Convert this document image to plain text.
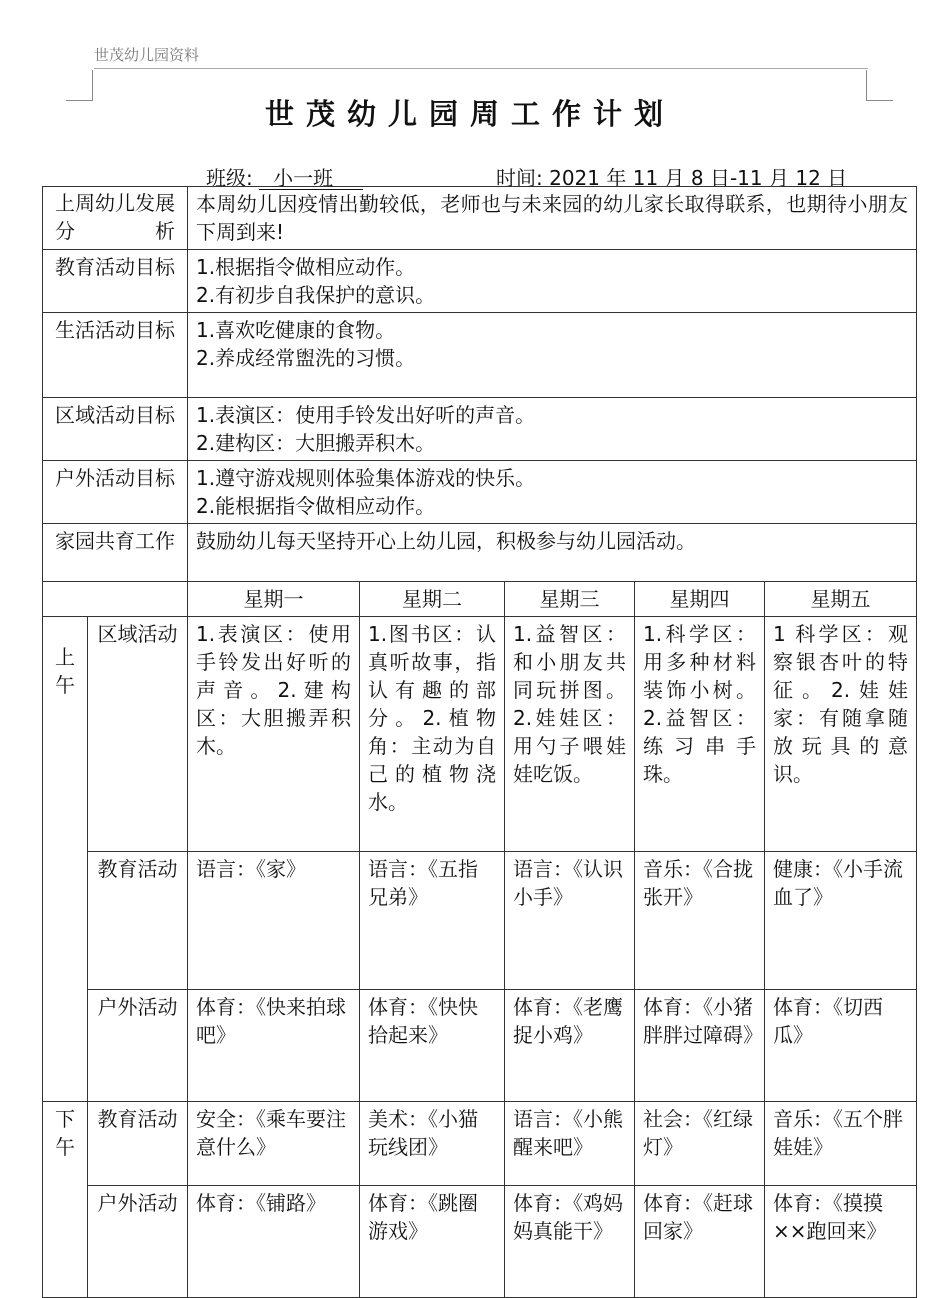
世茂幼儿园资料
世茂幼儿园周工作计划
班级: 小一班	时间: 2021 年 11 月 8 日-11 月 12 日
上周幼儿发展分析		本周幼儿因疫情出勤较低，老师也与未来园的幼儿家长取得联系，也期待小朋友下周到来!				
教育活动目标		1.根据指令做相应动作。
2.有初步自我保护的意识。				

生活活动目标		1.喜欢吃健康的食物。
2.养成经常盥洗的习惯。				

区域活动目标		1.表演区：使用手铃发出好听的声音。
2.建构区：大胆搬弄积木。				

户外活动目标		1.遵守游戏规则体验集体游戏的快乐。
2.能根据指令做相应动作。				

家园共育工作		鼓励幼儿每天坚持开心上幼儿园，积极参与幼儿园活动。				

		星期一	星期二	星期三	星期四	星期五

上午	区域活动	1.表演区：使用手铃发出好听的声音。2.建构区：大胆搬弄积木。	1.图书区：认真听故事，指认有趣的部分。2.植物角：主动为自己的植物浇水。	1.益智区：和小朋友共同玩拼图。2.娃娃区：用勺子喂娃娃吃饭。	1.科学区：用多种材料装饰小树。2.益智区：练习串手珠。	1 科学区：观察银杏叶的特征。2.娃娃家：有随拿随放玩具的意识。
	教育活动	语言：《家》	语言：《五指兄弟》	语言：《认识小手》	音乐：《合拢张开》	健康：《小手流血了》
	户外活动	体育：《快来拍球吧》	体育：《快快拾起来》	体育：《老鹰捉小鸡》	体育：《小猪胖胖过障碍》	体育：《切西瓜》

下午	教育活动	安全：《乘车要注意什么》	美术：《小猫玩线团》	语言：《小熊醒来吧》	社会：《红绿灯》	音乐：《五个胖娃娃》
	户外活动	体育：《铺路》	体育：《跳圈游戏》	体育：《鸡妈妈真能干》	体育：《赶球回家》	体育：《摸摸××跑回来》
